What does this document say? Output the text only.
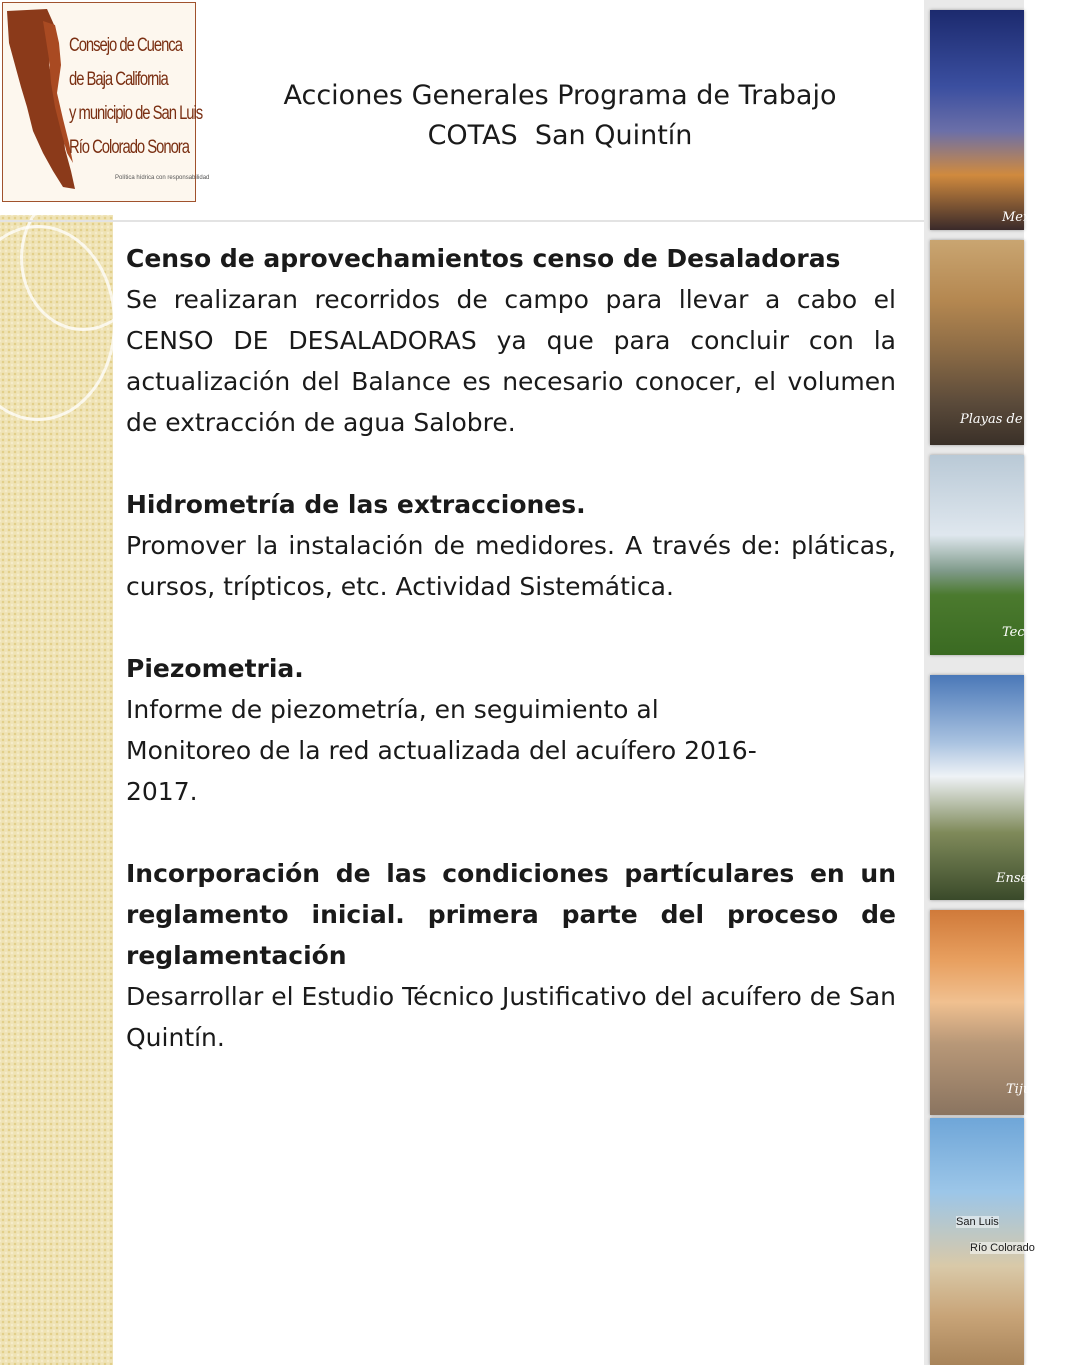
Consejo de Cuenca
de Baja California
y municipio de San Luis
Río Colorado Sonora
Política hídrica con responsabilidad
Acciones Generales Programa de Trabajo
COTAS  San Quintín

Censo de aprovechamientos censo de Desaladoras

Se realizaran recorridos de campo para llevar a cabo el CENSO DE DESALADORAS ya que para concluir con la actualización del Balance es necesario conocer, el volumen de extracción de agua Salobre.

Hidrometría de las extracciones.

Promover la instalación de medidores. A través de: pláticas, cursos, trípticos, etc. Actividad Sistemática.

Piezometria.

Informe de piezometría, en seguimiento al

Monitoreo de la red actualizada del acuífero 2016-

2017.

Incorporación de las condiciones partículares en un reglamento inicial. primera parte del proceso de reglamentación

Desarrollar el Estudio Técnico Justificativo del acuífero de San Quintín.

Mexi
Playas de Rosarito
Tec
Ensen
Tiju
San Luis
Río Colorado
